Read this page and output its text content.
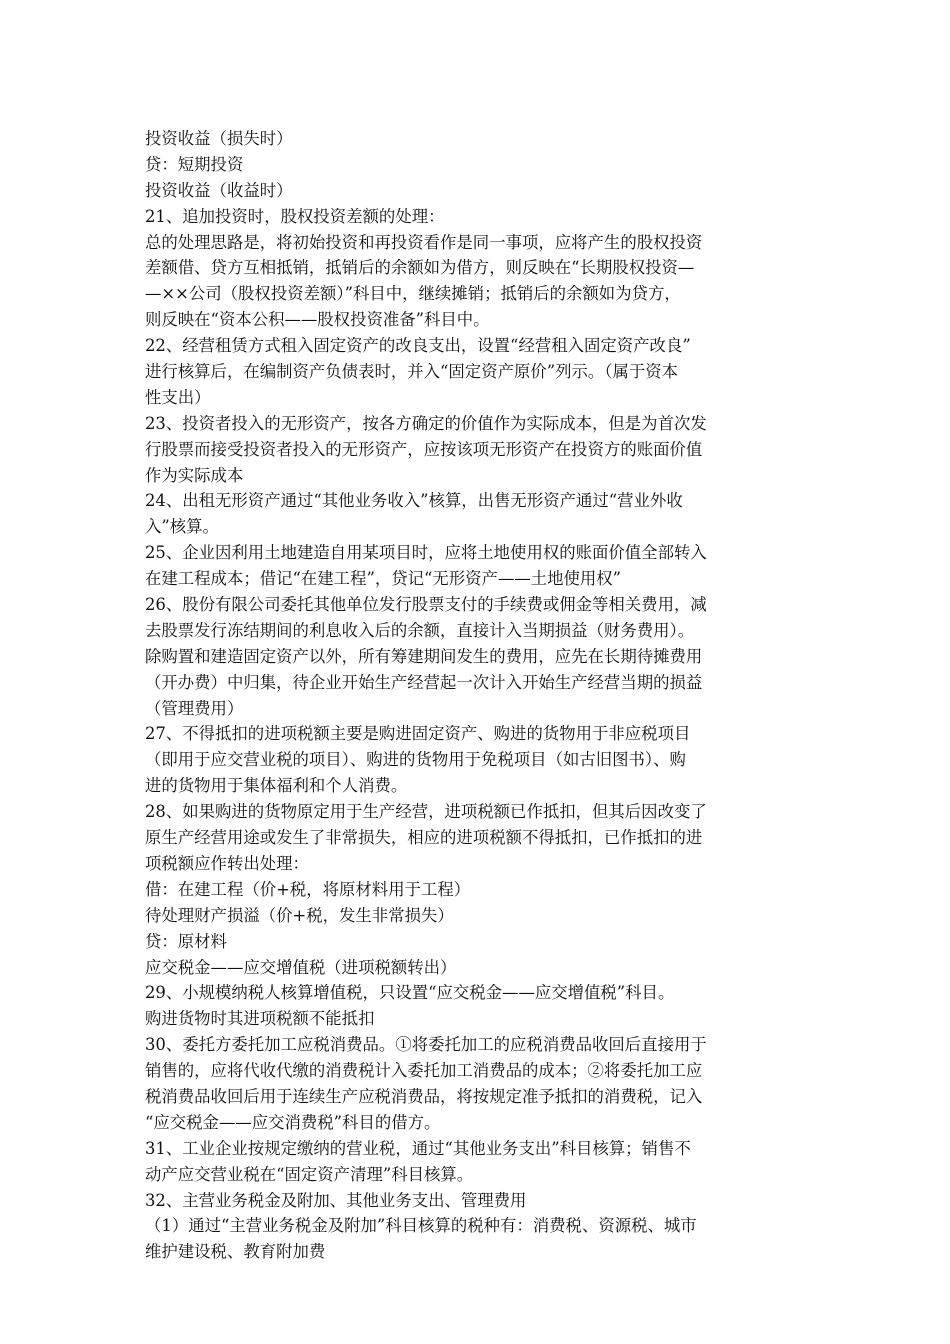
投资收益（损失时）
贷：短期投资
投资收益（收益时）
21、追加投资时，股权投资差额的处理：
总的处理思路是，将初始投资和再投资看作是同一事项，应将产生的股权投资
差额借、贷方互相抵销，抵销后的余额如为借方，则反映在“长期股权投资—
—××公司（股权投资差额）”科目中，继续摊销；抵销后的余额如为贷方，
则反映在“资本公积——股权投资准备”科目中。
22、经营租赁方式租入固定资产的改良支出，设置“经营租入固定资产改良”
进行核算后，在编制资产负债表时，并入“固定资产原价”列示。（属于资本
性支出）
23、投资者投入的无形资产，按各方确定的价值作为实际成本，但是为首次发
行股票而接受投资者投入的无形资产，应按该项无形资产在投资方的账面价值
作为实际成本
24、出租无形资产通过“其他业务收入”核算，出售无形资产通过“营业外收
入”核算。
25、企业因利用土地建造自用某项目时，应将土地使用权的账面价值全部转入
在建工程成本；借记“在建工程”，贷记“无形资产——土地使用权”
26、股份有限公司委托其他单位发行股票支付的手续费或佣金等相关费用，减
去股票发行冻结期间的利息收入后的余额，直接计入当期损益（财务费用）。
除购置和建造固定资产以外，所有筹建期间发生的费用，应先在长期待摊费用
（开办费）中归集，待企业开始生产经营起一次计入开始生产经营当期的损益
（管理费用）
27、不得抵扣的进项税额主要是购进固定资产、购进的货物用于非应税项目
（即用于应交营业税的项目）、购进的货物用于免税项目（如古旧图书）、购
进的货物用于集体福利和个人消费。
28、如果购进的货物原定用于生产经营，进项税额已作抵扣，但其后因改变了
原生产经营用途或发生了非常损失，相应的进项税额不得抵扣，已作抵扣的进
项税额应作转出处理：
借：在建工程（价+税，将原材料用于工程）
待处理财产损溢（价+税，发生非常损失）
贷：原材料
应交税金——应交增值税（进项税额转出）
29、小规模纳税人核算增值税，只设置“应交税金——应交增值税”科目。
购进货物时其进项税额不能抵扣
30、委托方委托加工应税消费品。①将委托加工的应税消费品收回后直接用于
销售的，应将代收代缴的消费税计入委托加工消费品的成本；②将委托加工应
税消费品收回后用于连续生产应税消费品，将按规定准予抵扣的消费税，记入
“应交税金——应交消费税”科目的借方。
31、工业企业按规定缴纳的营业税，通过“其他业务支出”科目核算；销售不
动产应交营业税在“固定资产清理”科目核算。
32、主营业务税金及附加、其他业务支出、管理费用
（1）通过“主营业务税金及附加”科目核算的税种有：消费税、资源税、城市
维护建设税、教育附加费
